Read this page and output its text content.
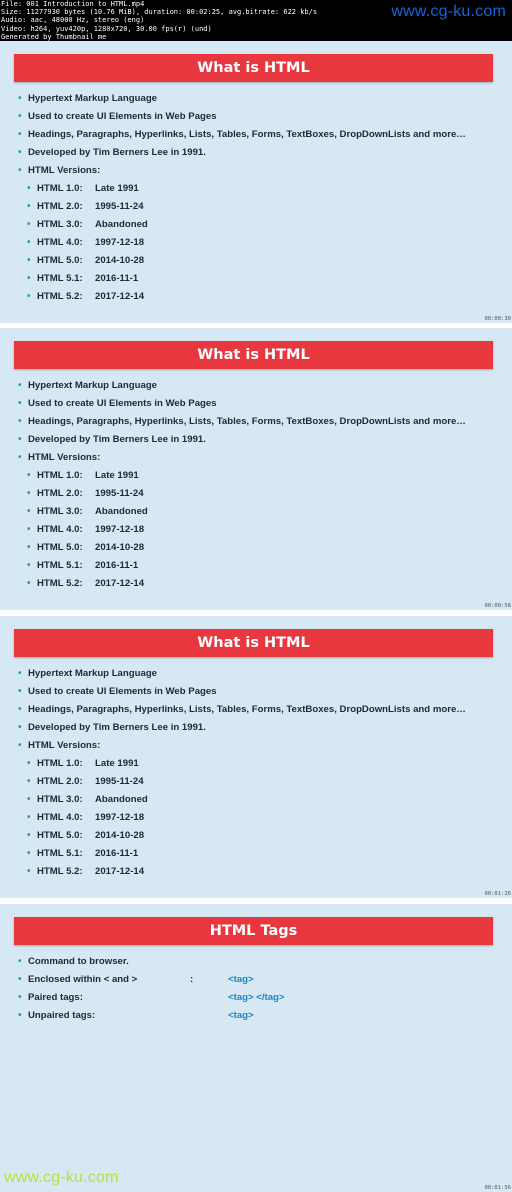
File: 001 Introduction to HTML.mp4
Size: 11277930 bytes (10.76 MiB), duration: 00:02:25, avg.bitrate: 622 kb/s
Audio: aac, 48000 Hz, stereo (eng)
Video: h264, yuv420p, 1280x720, 30.00 fps(r) (und)
Generated by Thumbnail me
www.cg-ku.com
What is HTML
• Hypertext Markup Language
• Used to create UI Elements in Web Pages
• Headings, Paragraphs, Hyperlinks, Lists, Tables, Forms, TextBoxes, DropDownLists and more…
• Developed by Tim Berners Lee in 1991.
• HTML Versions:
• HTML 1.0: Late 1991
• HTML 2.0: 1995-11-24
• HTML 3.0:Abandoned
• HTML 4.0: 1997-12-18
• HTML 5.0: 2014-10-28
• HTML 5.1: 2016-11-1
• HTML 5.2: 2017-12-14
00:00:30
What is HTML
• Hypertext Markup Language
• Used to create UI Elements in Web Pages
• Headings, Paragraphs, Hyperlinks, Lists, Tables, Forms, TextBoxes, DropDownLists and more…
• Developed by Tim Berners Lee in 1991.
• HTML Versions:
• HTML 1.0: Late 1991
• HTML 2.0: 1995-11-24
• HTML 3.0:Abandoned
• HTML 4.0: 1997-12-18
• HTML 5.0: 2014-10-28
• HTML 5.1: 2016-11-1
• HTML 5.2: 2017-12-14
00:00:58
What is HTML
• Hypertext Markup Language
• Used to create UI Elements in Web Pages
• Headings, Paragraphs, Hyperlinks, Lists, Tables, Forms, TextBoxes, DropDownLists and more…
• Developed by Tim Berners Lee in 1991.
• HTML Versions:
• HTML 1.0: Late 1991
• HTML 2.0: 1995-11-24
• HTML 3.0:Abandoned
• HTML 4.0: 1997-12-18
• HTML 5.0: 2014-10-28
• HTML 5.1: 2016-11-1
• HTML 5.2: 2017-12-14
00:01:26
HTML Tags
• Command to browser.
• Enclosed within < and >	:	<tag>
• Paired tags:	<tag> </tag>
• Unpaired tags:	<tag>
00:01:56
www.cg-ku.com
